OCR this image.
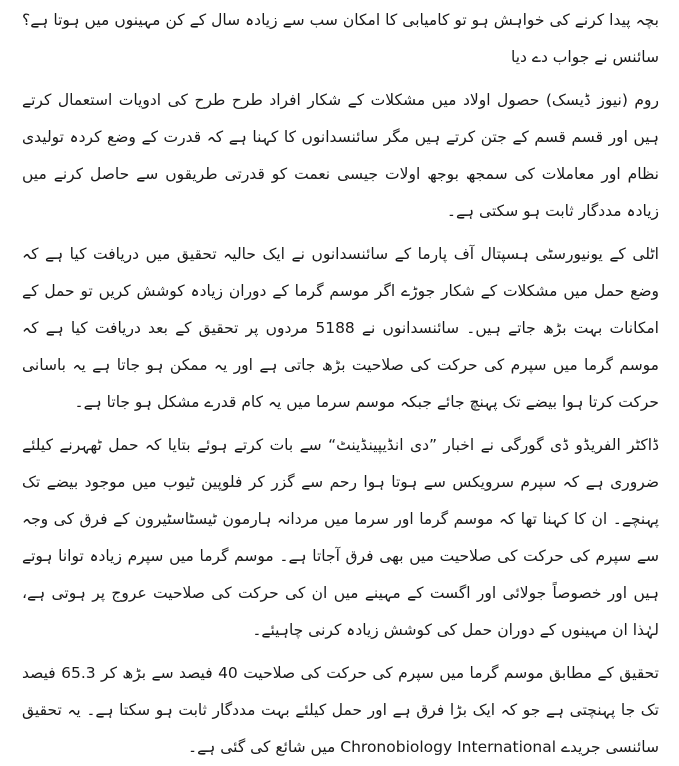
بچہ پیدا کرنے کی خواہش ہو تو کامیابی کا امکان سب سے زیادہ سال کے کن مہینوں میں ہوتا ہے؟ سائنس نے جواب دے دیا

روم (نیوز ڈیسک) حصول اولاد میں مشکلات کے شکار افراد طرح طرح کی ادویات استعمال کرتے ہیں اور قسم قسم کے جتن کرتے ہیں مگر سائنسدانوں کا کہنا ہے کہ قدرت کے وضع کردہ تولیدی نظام اور معاملات کی سمجھ بوجھ اولات جیسی نعمت کو قدرتی طریقوں سے حاصل کرنے میں زیادہ مددگار ثابت ہو سکتی ہے۔

اٹلی کے یونیورسٹی ہسپتال آف پارما کے سائنسدانوں نے ایک حالیہ تحقیق میں دریافت کیا ہے کہ وضع حمل میں مشکلات کے شکار جوڑے اگر موسم گرما کے دوران زیادہ کوشش کریں تو حمل کے امکانات بہت بڑھ جاتے ہیں۔ سائنسدانوں نے 5188 مردوں پر تحقیق کے بعد دریافت کیا ہے کہ موسم گرما میں سپرم کی حرکت کی صلاحیت بڑھ جاتی ہے اور یہ ممکن ہو جاتا ہے یہ باسانی حرکت کرتا ہوا بیضے تک پہنچ جائے جبکہ موسم سرما میں یہ کام قدرے مشکل ہو جاتا ہے۔

ڈاکٹر الفریڈو ڈی گورگی نے اخبار ”دی انڈیپینڈینٹ“ سے بات کرتے ہوئے بتایا کہ حمل ٹھہرنے کیلئے ضروری ہے کہ سپرم سرویکس سے ہوتا ہوا رحم سے گزر کر فلوپین ٹیوب میں موجود بیضے تک پہنچے۔ ان کا کہنا تھا کہ موسم گرما اور سرما میں مردانہ ہارمون ٹیسٹاسٹیرون کے فرق کی وجہ سے سپرم کی حرکت کی صلاحیت میں بھی فرق آجاتا ہے۔ موسم گرما میں سپرم زیادہ توانا ہوتے ہیں اور خصوصاً جولائی اور اگست کے مہینے میں ان کی حرکت کی صلاحیت عروج پر ہوتی ہے، لہٰذا ان مہینوں کے دوران حمل کی کوشش زیادہ کرنی چاہیئے۔

تحقیق کے مطابق موسم گرما میں سپرم کی حرکت کی صلاحیت 40 فیصد سے بڑھ کر 65.3 فیصد تک جا پہنچتی ہے جو کہ ایک بڑا فرق ہے اور حمل کیلئے بہت مددگار ثابت ہو سکتا ہے۔ یہ تحقیق سائنسی جریدے Chronobiology International میں شائع کی گئی ہے۔
